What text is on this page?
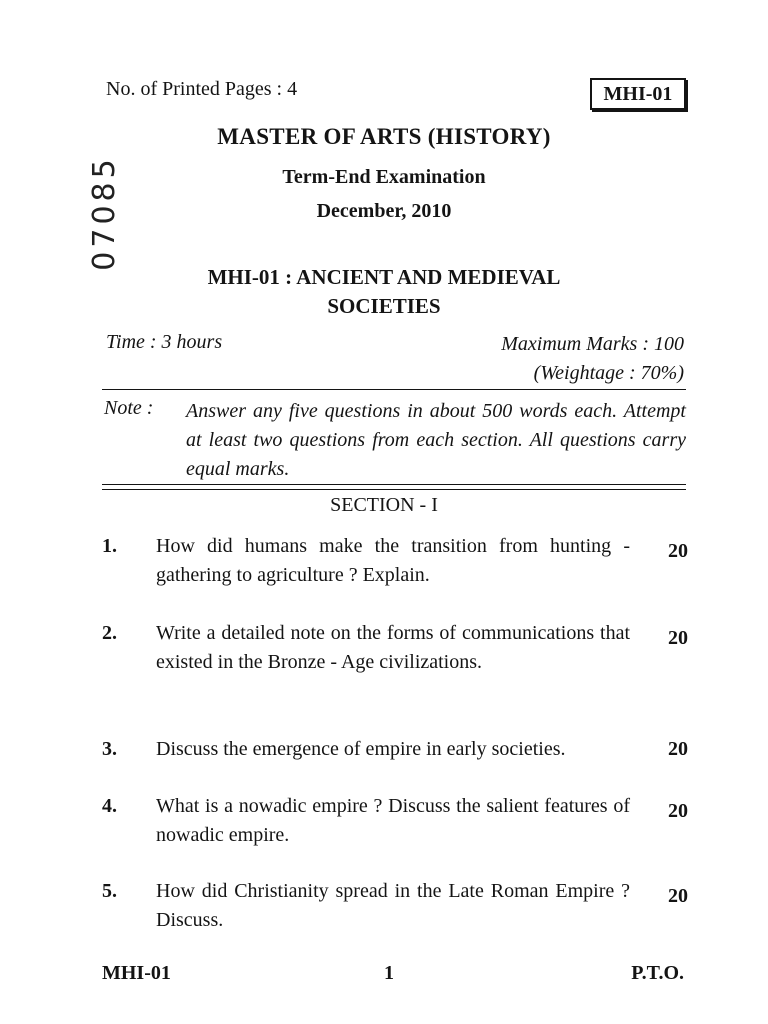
No. of Printed Pages : 4	MHI-01
07085
MASTER OF ARTS (HISTORY)
Term-End Examination
December, 2010
MHI-01 : ANCIENT AND MEDIEVAL
SOCIETIES
Time : 3 hours	Maximum Marks : 100
(Weightage : 70%)
Note : Answer any five questions in about 500 words each. Attempt at least two questions from each section. All questions carry equal marks.
SECTION - I
1. How did humans make the transition from hunting - gathering to agriculture ? Explain.
20
2. Write a detailed note on the forms of communications that existed in the Bronze - Age civilizations.
20
3. Discuss the emergence of empire in early societies.	20
4. What is a nowadic empire ? Discuss the salient features of nowadic empire.
20
5. How did Christianity spread in the Late Roman Empire ? Discuss.
20
MHI-01	1	P.T.O.
